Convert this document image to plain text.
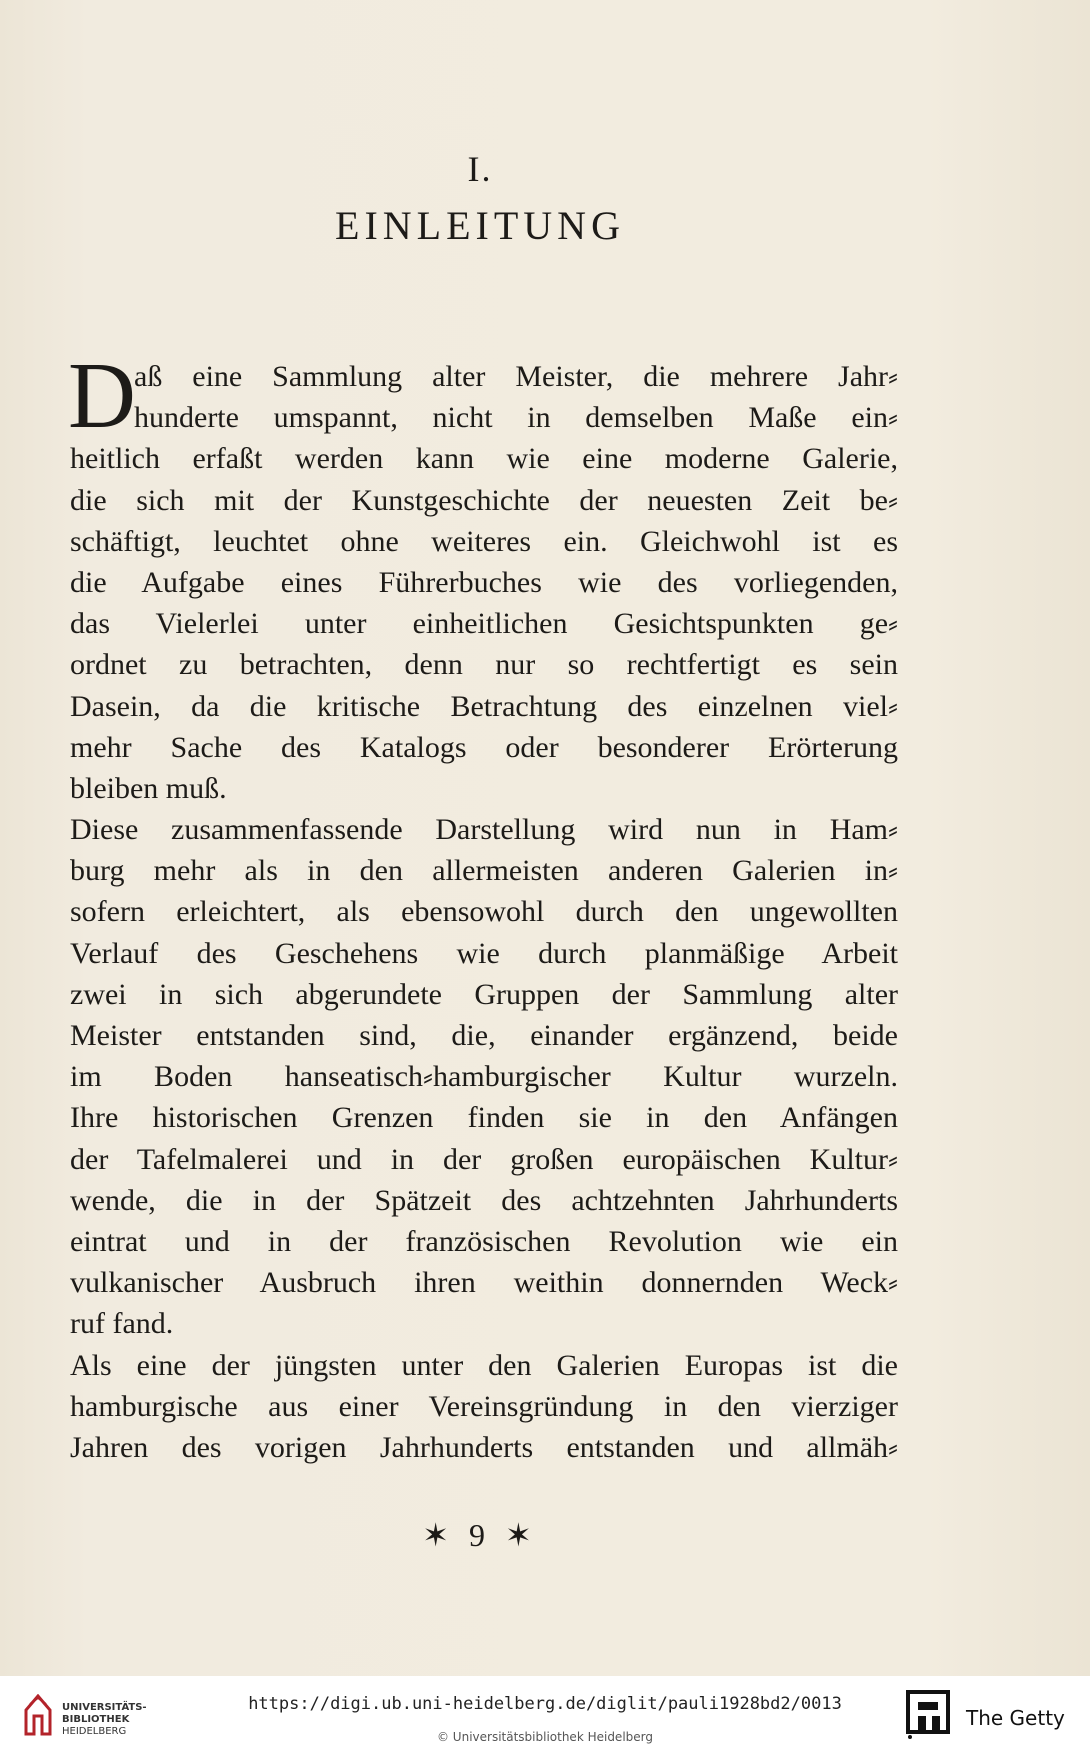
I.
EINLEITUNG
D
aß eine Sammlung alter Meister, die mehrere Jahr⸗
hunderte umspannt, nicht in demselben Maße ein⸗
heitlich erfaßt werden kann wie eine moderne Galerie,
die sich mit der Kunstgeschichte der neuesten Zeit be⸗
schäftigt, leuchtet ohne weiteres ein. Gleichwohl ist es
die Aufgabe eines Führerbuches wie des vorliegenden,
das Vielerlei unter einheitlichen Gesichtspunkten ge⸗
ordnet zu betrachten, denn nur so rechtfertigt es sein
Dasein, da die kritische Betrachtung des einzelnen viel⸗
mehr Sache des Katalogs oder besonderer Erörterung
bleiben muß.
Diese zusammenfassende Darstellung wird nun in Ham⸗
burg mehr als in den allermeisten anderen Galerien in⸗
sofern erleichtert, als ebensowohl durch den ungewollten
Verlauf des Geschehens wie durch planmäßige Arbeit
zwei in sich abgerundete Gruppen der Sammlung alter
Meister entstanden sind, die, einander ergänzend, beide
im Boden hanseatisch⸗hamburgischer Kultur wurzeln.
Ihre historischen Grenzen finden sie in den Anfängen
der Tafelmalerei und in der großen europäischen Kultur⸗
wende, die in der Spätzeit des achtzehnten Jahrhunderts
eintrat und in der französischen Revolution wie ein
vulkanischer Ausbruch ihren weithin donnernden Weck⸗
ruf fand.
Als eine der jüngsten unter den Galerien Europas ist die
hamburgische aus einer Vereinsgründung in den vierziger
Jahren des vorigen Jahrhunderts entstanden und allmäh⸗
✶ 9 ✶
UNIVERSITÄTS-
BIBLIOTHEK
HEIDELBERG
https://digi.ub.uni-heidelberg.de/diglit/pauli1928bd2/0013
© Universitätsbibliothek Heidelberg
The Getty
